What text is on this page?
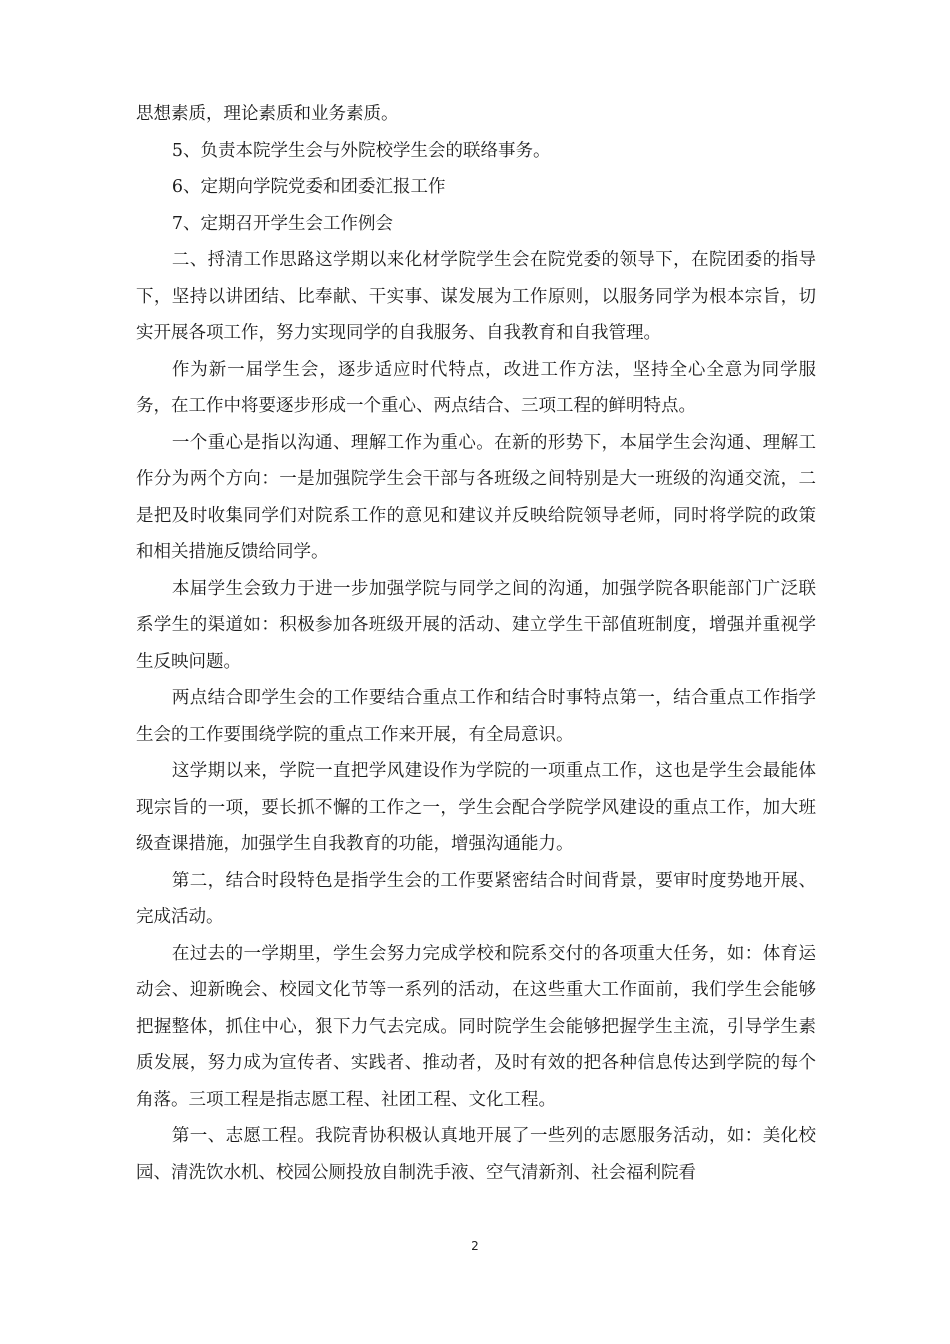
思想素质，理论素质和业务素质。

5、负责本院学生会与外院校学生会的联络事务。

6、定期向学院党委和团委汇报工作

7、定期召开学生会工作例会

二、捋清工作思路这学期以来化材学院学生会在院党委的领导下，在院团委的指导下，坚持以讲团结、比奉献、干实事、谋发展为工作原则，以服务同学为根本宗旨，切实开展各项工作，努力实现同学的自我服务、自我教育和自我管理。

作为新一届学生会，逐步适应时代特点，改进工作方法，坚持全心全意为同学服务，在工作中将要逐步形成一个重心、两点结合、三项工程的鲜明特点。

一个重心是指以沟通、理解工作为重心。在新的形势下，本届学生会沟通、理解工作分为两个方向：一是加强院学生会干部与各班级之间特别是大一班级的沟通交流，二是把及时收集同学们对院系工作的意见和建议并反映给院领导老师，同时将学院的政策和相关措施反馈给同学。

本届学生会致力于进一步加强学院与同学之间的沟通，加强学院各职能部门广泛联系学生的渠道如：积极参加各班级开展的活动、建立学生干部值班制度，增强并重视学生反映问题。

两点结合即学生会的工作要结合重点工作和结合时事特点第一，结合重点工作指学生会的工作要围绕学院的重点工作来开展，有全局意识。

这学期以来，学院一直把学风建设作为学院的一项重点工作，这也是学生会最能体现宗旨的一项，要长抓不懈的工作之一，学生会配合学院学风建设的重点工作，加大班级查课措施，加强学生自我教育的功能，增强沟通能力。

第二，结合时段特色是指学生会的工作要紧密结合时间背景，要审时度势地开展、完成活动。

在过去的一学期里，学生会努力完成学校和院系交付的各项重大任务，如：体育运动会、迎新晚会、校园文化节等一系列的活动，在这些重大工作面前，我们学生会能够把握整体，抓住中心，狠下力气去完成。同时院学生会能够把握学生主流，引导学生素质发展，努力成为宣传者、实践者、推动者，及时有效的把各种信息传达到学院的每个角落。三项工程是指志愿工程、社团工程、文化工程。

第一、志愿工程。我院青协积极认真地开展了一些列的志愿服务活动，如：美化校园、清洗饮水机、校园公厕投放自制洗手液、空气清新剂、社会福利院看

2
